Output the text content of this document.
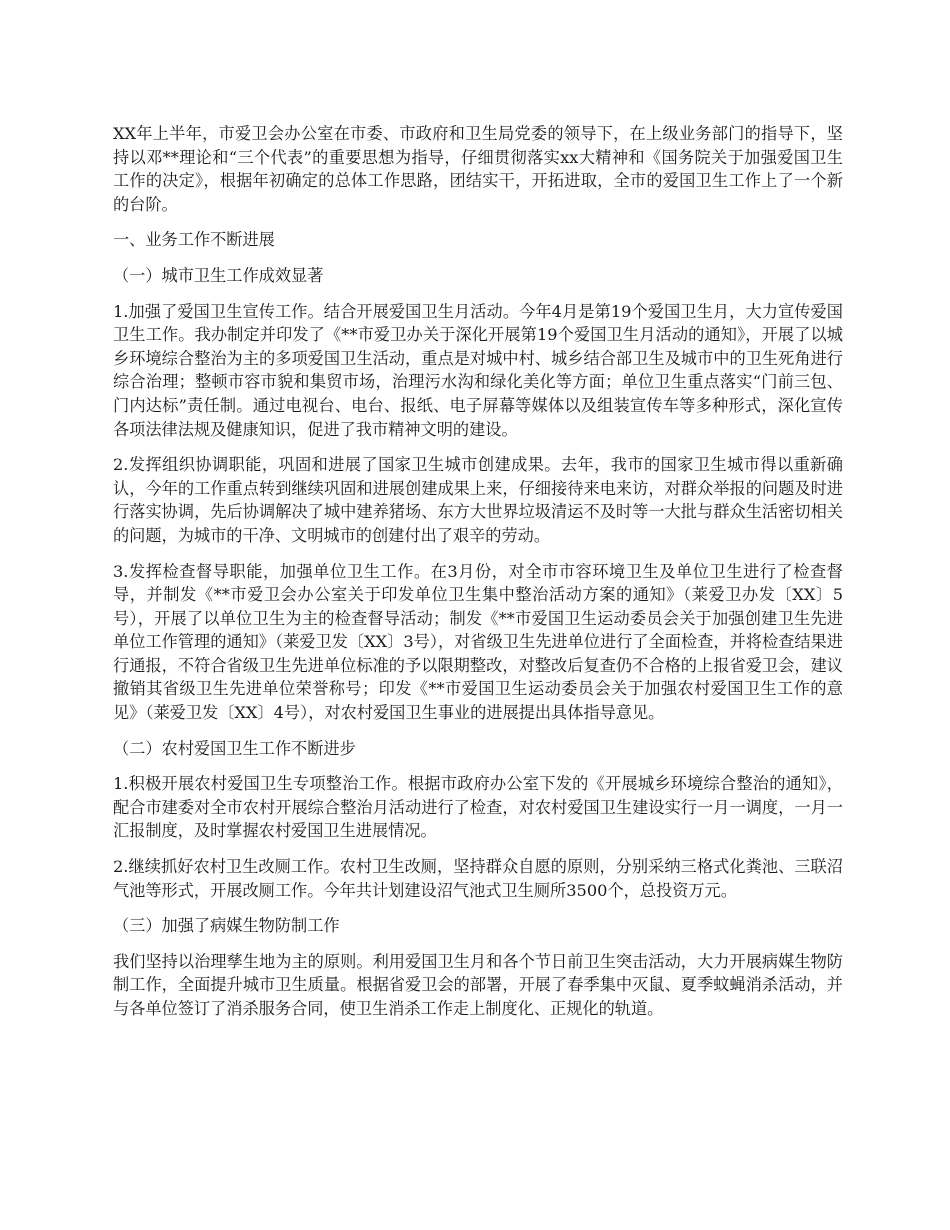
XX年上半年，市爱卫会办公室在市委、市政府和卫生局党委的领导下，在上级业务部门的指导下，坚持以邓**理论和“三个代表”的重要思想为指导，仔细贯彻落实xx大精神和《国务院关于加强爱国卫生工作的决定》，根据年初确定的总体工作思路，团结实干，开拓进取，全市的爱国卫生工作上了一个新的台阶。

一、业务工作不断进展

（一）城市卫生工作成效显著

1.加强了爱国卫生宣传工作。结合开展爱国卫生月活动。今年4月是第19个爱国卫生月，大力宣传爱国卫生工作。我办制定并印发了《**市爱卫办关于深化开展第19个爱国卫生月活动的通知》，开展了以城乡环境综合整治为主的多项爱国卫生活动，重点是对城中村、城乡结合部卫生及城市中的卫生死角进行综合治理；整顿市容市貌和集贸市场，治理污水沟和绿化美化等方面；单位卫生重点落实“门前三包、门内达标”责任制。通过电视台、电台、报纸、电子屏幕等媒体以及组装宣传车等多种形式，深化宣传各项法律法规及健康知识，促进了我市精神文明的建设。

2.发挥组织协调职能，巩固和进展了国家卫生城市创建成果。去年，我市的国家卫生城市得以重新确认，今年的工作重点转到继续巩固和进展创建成果上来，仔细接待来电来访，对群众举报的问题及时进行落实协调，先后协调解决了城中建养猪场、东方大世界垃圾清运不及时等一大批与群众生活密切相关的问题，为城市的干净、文明城市的创建付出了艰辛的劳动。

3.发挥检查督导职能，加强单位卫生工作。在3月份，对全市市容环境卫生及单位卫生进行了检查督导，并制发《**市爱卫会办公室关于印发单位卫生集中整治活动方案的通知》（莱爱卫办发〔XX〕5号），开展了以单位卫生为主的检查督导活动；制发《**市爱国卫生运动委员会关于加强创建卫生先进单位工作管理的通知》（莱爱卫发〔XX〕3号），对省级卫生先进单位进行了全面检查，并将检查结果进行通报，不符合省级卫生先进单位标准的予以限期整改，对整改后复查仍不合格的上报省爱卫会，建议撤销其省级卫生先进单位荣誉称号；印发《**市爱国卫生运动委员会关于加强农村爱国卫生工作的意见》（莱爱卫发〔XX〕4号），对农村爱国卫生事业的进展提出具体指导意见。

（二）农村爱国卫生工作不断进步

1.积极开展农村爱国卫生专项整治工作。根据市政府办公室下发的《开展城乡环境综合整治的通知》，配合市建委对全市农村开展综合整治月活动进行了检查，对农村爱国卫生建设实行一月一调度，一月一汇报制度，及时掌握农村爱国卫生进展情况。

2.继续抓好农村卫生改厕工作。农村卫生改厕，坚持群众自愿的原则，分别采纳三格式化粪池、三联沼气池等形式，开展改厕工作。今年共计划建设沼气池式卫生厕所3500个，总投资万元。

（三）加强了病媒生物防制工作

我们坚持以治理孳生地为主的原则。利用爱国卫生月和各个节日前卫生突击活动，大力开展病媒生物防制工作，全面提升城市卫生质量。根据省爱卫会的部署，开展了春季集中灭鼠、夏季蚊蝇消杀活动，并与各单位签订了消杀服务合同，使卫生消杀工作走上制度化、正规化的轨道。
